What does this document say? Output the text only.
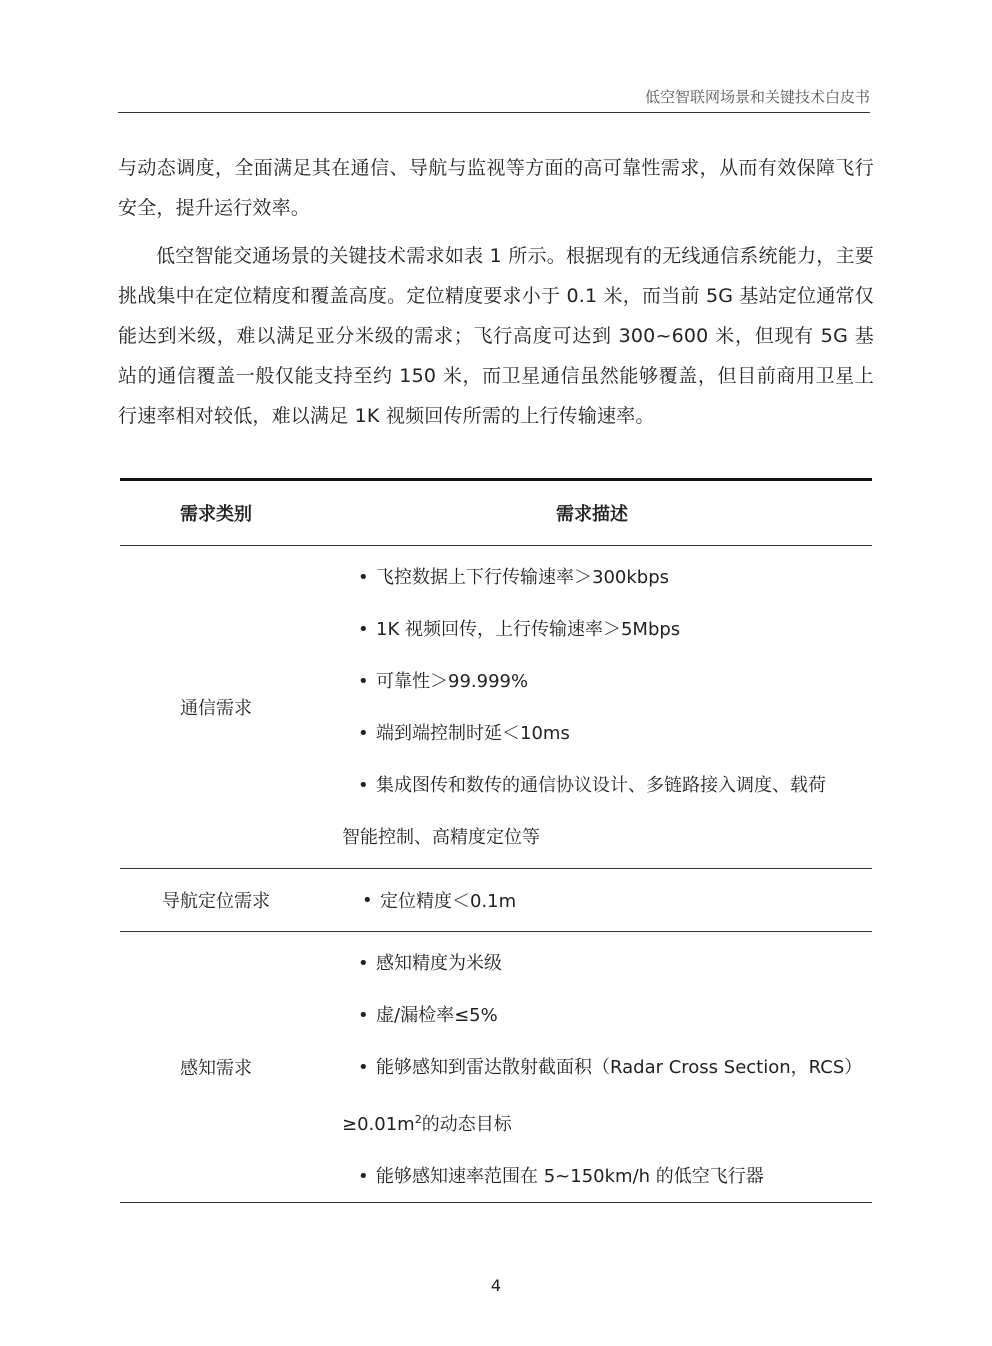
低空智联网场景和关键技术白皮书

与动态调度，全面满足其在通信、导航与监视等方面的高可靠性需求，从而有效保障飞行安全，提升运行效率。

低空智能交通场景的关键技术需求如表 1 所示。根据现有的无线通信系统能力，主要挑战集中在定位精度和覆盖高度。定位精度要求小于 0.1 米，而当前 5G 基站定位通常仅能达到米级，难以满足亚分米级的需求；飞行高度可达到 300~600 米，但现有 5G 基站的通信覆盖一般仅能支持至约 150 米，而卫星通信虽然能够覆盖，但目前商用卫星上行速率相对较低，难以满足 1K 视频回传所需的上行传输速率。

需求类别	需求描述
通信需求
• 飞控数据上下行传输速率＞300kbps
• 1K 视频回传，上行传输速率＞5Mbps
• 可靠性＞99.999%
• 端到端控制时延＜10ms
• 集成图传和数传的通信协议设计、多链路接入调度、载荷
智能控制、高精度定位等
导航定位需求	• 定位精度＜0.1m
感知需求
• 感知精度为米级
• 虚/漏检率≤5%
• 能够感知到雷达散射截面积（Radar Cross Section，RCS）
$\ge 0.01m^2$的动态目标
• 能够感知速率范围在 5~150km/h 的低空飞行器
4
